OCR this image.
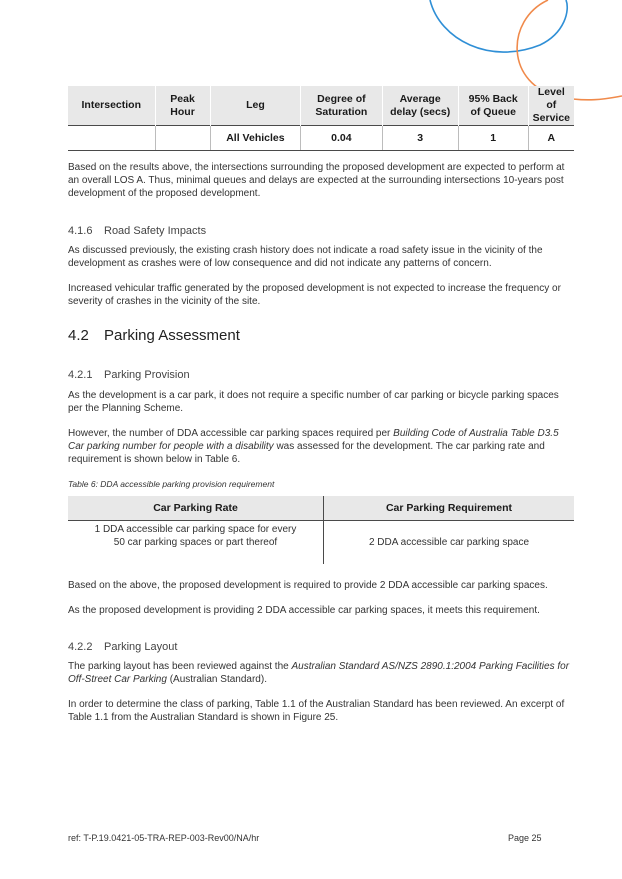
Intersection	Peak Hour	Leg	Degree of Saturation	Average delay (secs)	95% Back of Queue	Level of Service
		All Vehicles	0.04	3	1	A

Based on the results above, the intersections surrounding the proposed development are expected to perform at an overall LOS A. Thus, minimal queues and delays are expected at the surrounding intersections 10-years post development of the proposed development.

4.1.6 Road Safety Impacts

As discussed previously, the existing crash history does not indicate a road safety issue in the vicinity of the development as crashes were of low consequence and did not indicate any patterns of concern.

Increased vehicular traffic generated by the proposed development is not expected to increase the frequency or severity of crashes in the vicinity of the site.

4.2 Parking Assessment
4.2.1 Parking Provision

As the development is a car park, it does not require a specific number of car parking or bicycle parking spaces per the Planning Scheme.

However, the number of DDA accessible car parking spaces required per Building Code of Australia Table D3.5 Car parking number for people with a disability was assessed for the development. The car parking rate and requirement is shown below in Table 6.

Table 6: DDA accessible parking provision requirement
Car Parking Rate	Car Parking Requirement

1 DDA accessible car parking space for every 50 car parking spaces or part thereof	2 DDA accessible car parking space

Based on the above, the proposed development is required to provide 2 DDA accessible car parking spaces.

As the proposed development is providing 2 DDA accessible car parking spaces, it meets this requirement.

4.2.2 Parking Layout

The parking layout has been reviewed against the Australian Standard AS/NZS 2890.1:2004 Parking Facilities for Off-Street Car Parking (Australian Standard).

In order to determine the class of parking, Table 1.1 of the Australian Standard has been reviewed. An excerpt of Table 1.1 from the Australian Standard is shown in Figure 25.

ref: T-P.19.0421-05-TRA-REP-003-Rev00/NA/hr	Page 25
